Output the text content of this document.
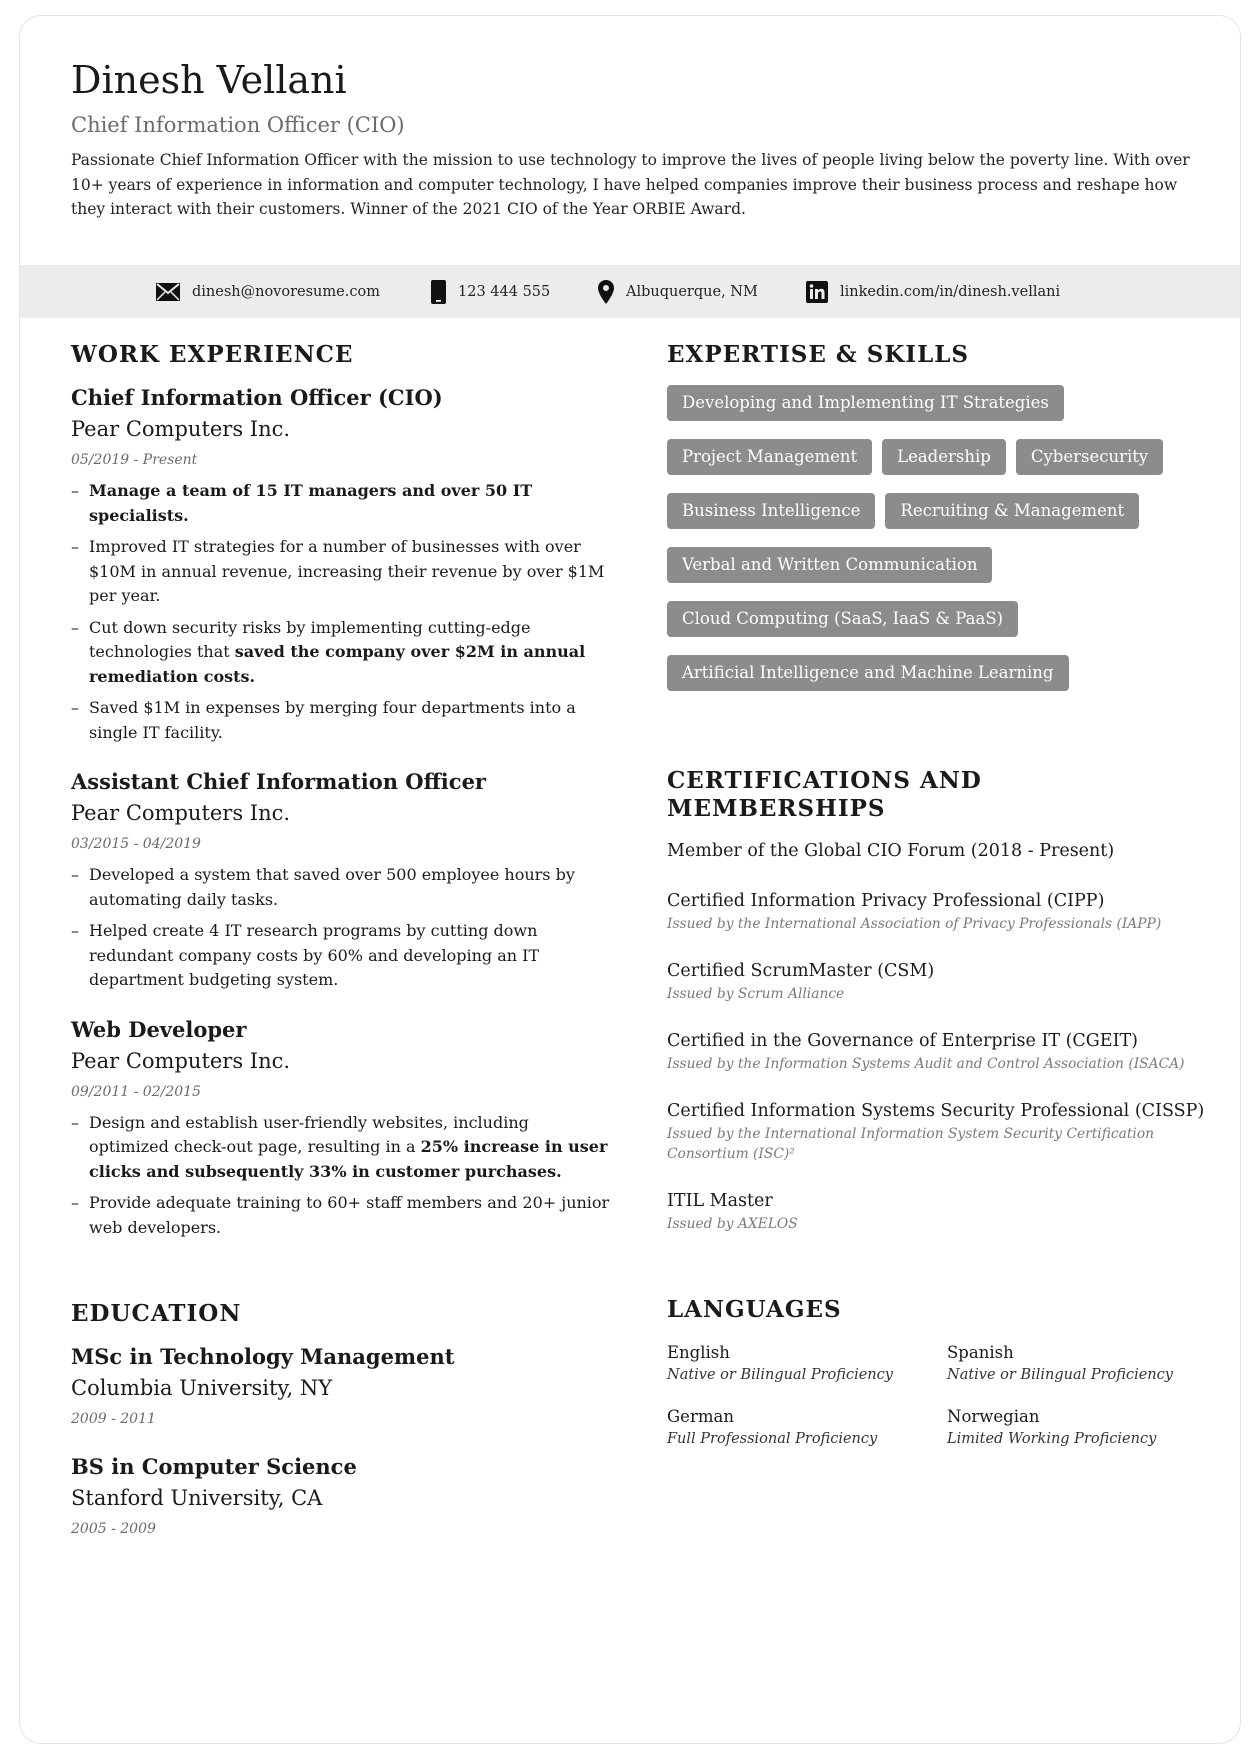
Dinesh Vellani
Chief Information Officer (CIO)
Passionate Chief Information Officer with the mission to use technology to improve the lives of people living below the poverty line. With over 10+ years of experience in information and computer technology, I have helped companies improve their business process and reshape how they interact with their customers. Winner of the 2021 CIO of the Year ORBIE Award.
dinesh@novoresume.com	123 444 555	Albuquerque, NM	linkedin.com/in/dinesh.vellani
WORK EXPERIENCE
Chief Information Officer (CIO)
Pear Computers Inc.
05/2019 - Present
– Manage a team of 15 IT managers and over 50 IT specialists.
– Improved IT strategies for a number of businesses with over $10M in annual revenue, increasing their revenue by over $1M per year.
– Cut down security risks by implementing cutting-edge technologies that saved the company over $2M in annual remediation costs.
– Saved $1M in expenses by merging four departments into a single IT facility.
Assistant Chief Information Officer
Pear Computers Inc.
03/2015 - 04/2019
– Developed a system that saved over 500 employee hours by automating daily tasks.
– Helped create 4 IT research programs by cutting down redundant company costs by 60% and developing an IT department budgeting system.
Web Developer
Pear Computers Inc.
09/2011 - 02/2015
– Design and establish user-friendly websites, including optimized check-out page, resulting in a 25% increase in user clicks and subsequently 33% in customer purchases.
– Provide adequate training to 60+ staff members and 20+ junior web developers.
EDUCATION
MSc in Technology Management
Columbia University, NY
2009 - 2011
BS in Computer Science
Stanford University, CA
2005 - 2009
EXPERTISE & SKILLS
Developing and Implementing IT Strategies
Project Management	Leadership	Cybersecurity
Business Intelligence	Recruiting & Management
Verbal and Written Communication
Cloud Computing (SaaS, IaaS & PaaS)
Artificial Intelligence and Machine Learning
CERTIFICATIONS AND MEMBERSHIPS
Member of the Global CIO Forum (2018 - Present)
Certified Information Privacy Professional (CIPP)
Issued by the International Association of Privacy Professionals (IAPP)
Certified ScrumMaster (CSM)
Issued by Scrum Alliance
Certified in the Governance of Enterprise IT (CGEIT)
Issued by the Information Systems Audit and Control Association (ISACA)
Certified Information Systems Security Professional (CISSP)
Issued by the International Information System Security Certification Consortium (ISC)²
ITIL Master
Issued by AXELOS
LANGUAGES
English
Native or Bilingual Proficiency
Spanish
Native or Bilingual Proficiency
German
Full Professional Proficiency
Norwegian
Limited Working Proficiency
